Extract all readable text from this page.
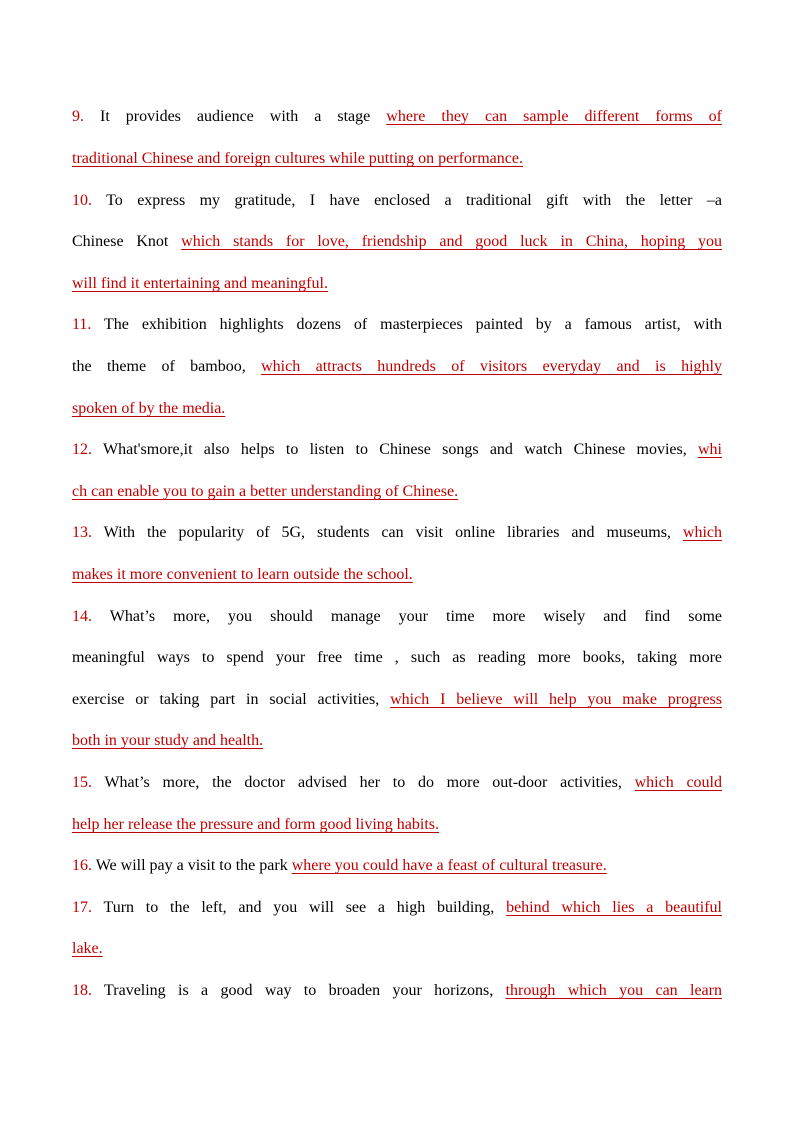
9. It provides audience with a stage where they can sample different forms of
traditional Chinese and foreign cultures while putting on performance.
10. To express my gratitude, I have enclosed a traditional gift with the letter –a
Chinese Knot which stands for love, friendship and good luck in China, hoping you
will find it entertaining and meaningful.
11. The exhibition highlights dozens of masterpieces painted by a famous artist, with
the theme of bamboo, which attracts hundreds of visitors everyday and is highly
spoken of by the media.
12. What'smore,it also helps to listen to Chinese songs and watch Chinese movies, whi
ch can enable you to gain a better understanding of Chinese.
13. With the popularity of 5G, students can visit online libraries and museums, which
makes it more convenient to learn outside the school.
14. What’s more, you should manage your time more wisely and find some
meaningful ways to spend your free time , such as reading more books, taking more
exercise or taking part in social activities, which I believe will help you make progress
both in your study and health.
15. What’s more, the doctor advised her to do more out-door activities, which could
help her release the pressure and form good living habits.
16. We will pay a visit to the park where you could have a feast of cultural treasure.
17. Turn to the left, and you will see a high building, behind which lies a beautiful
lake.
18. Traveling is a good way to broaden your horizons, through which you can learn
